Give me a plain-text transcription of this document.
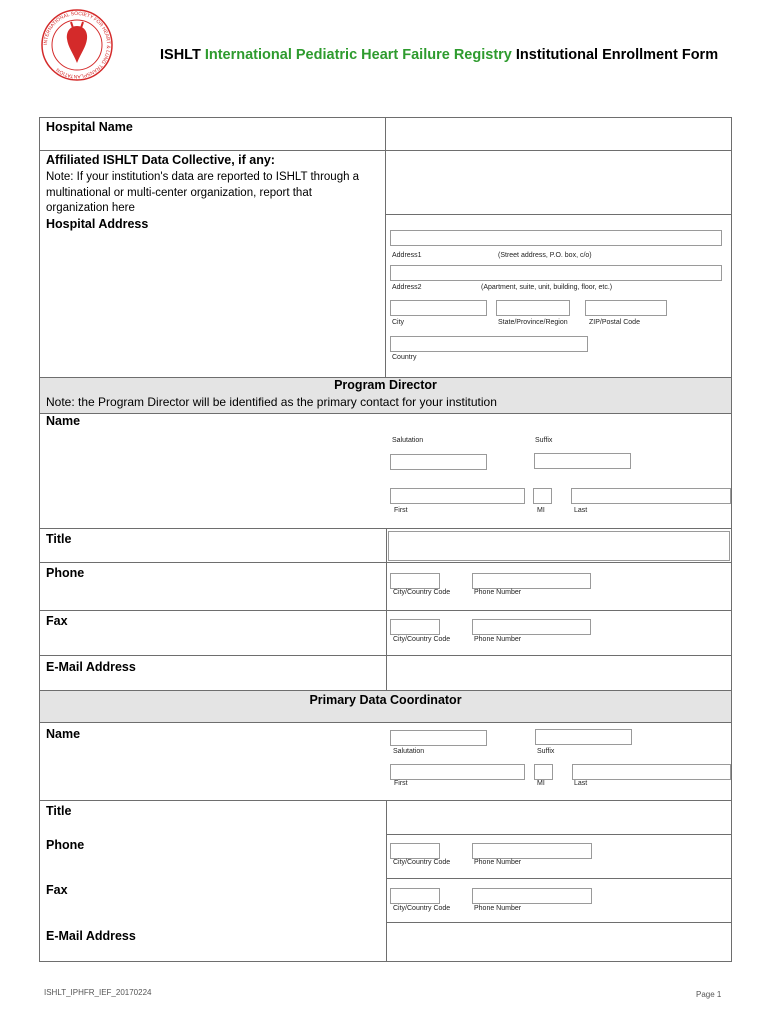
INTERNATIONAL SOCIETY FOR HEART & LUNG TRANSPLANTATION
ISHLT International Pediatric Heart Failure Registry Institutional Enrollment Form
Hospital Name
Affiliated ISHLT Data Collective, if any:
Note: If your institution's data are reported to ISHLT through a multinational or multi-center organization, report that organization here
Hospital Address
Address1	(Street address, P.O. box, c/o)
Address2	(Apartment, suite, unit, building, floor, etc.)
City	State/Province/Region	ZIP/Postal Code
Country
Program Director
Note: the Program Director will be identified as the primary contact for your institution
Name
Salutation	Suffix
First	MI	Last
Title
Phone
City/Country Code	Phone Number
Fax
City/Country Code	Phone Number
E-Mail Address
Primary Data Coordinator
Name
Salutation	Suffix
First	MI	Last
Title
Phone
City/Country Code	Phone Number
Fax
City/Country Code	Phone Number
E-Mail Address
ISHLT_IPHFR_IEF_20170224	Page 1
